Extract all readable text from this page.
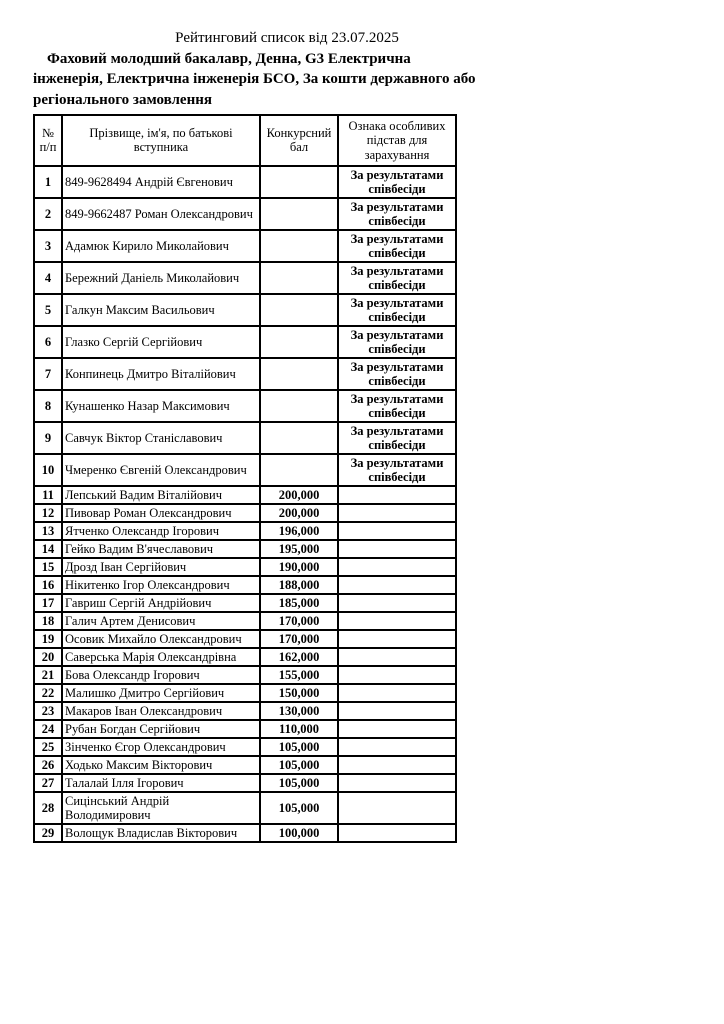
Рейтинговий список від 23.07.2025

Фаховий молодший бакалавр, Денна, G3 Електрична інженерія, Електрична інженерія БСО, За кошти державного або регіонального замовлення

№ п/п	Прізвище, ім'я, по батькові вступника	Конкурсний бал	Ознака особливих підстав для зарахування
1	849-9628494 Андрій Євгенович		За результатами співбесіди
2	849-9662487 Роман Олександрович		За результатами співбесіди
3	Адамюк Кирило Миколайович		За результатами співбесіди
4	Бережний Даніель Миколайович		За результатами співбесіди
5	Галкун Максим Васильович		За результатами співбесіди
6	Глазко Сергій Сергійович		За результатами співбесіди
7	Конпинець Дмитро Віталійович		За результатами співбесіди
8	Кунашенко Назар Максимович		За результатами співбесіди
9	Савчук Віктор Станіславович		За результатами співбесіди
10	Чмеренко Євгеній Олександрович		За результатами співбесіди
11	Лепський Вадим Віталійович	200,000	
12	Пивовар Роман Олександрович	200,000	
13	Ятченко Олександр Ігорович	196,000	
14	Гейко Вадим В'ячеславович	195,000	
15	Дрозд Іван Сергійович	190,000	
16	Нікитенко Ігор Олександрович	188,000	
17	Гавриш Сергій Андрійович	185,000	
18	Галич Артем Денисович	170,000	
19	Осовик Михайло Олександрович	170,000	
20	Саверська Марія Олександрівна	162,000	
21	Бова Олександр Ігорович	155,000	
22	Малишко Дмитро Сергійович	150,000	
23	Макаров Іван Олександрович	130,000	
24	Рубан Богдан Сергійович	110,000	
25	Зінченко Єгор Олександрович	105,000	
26	Ходько Максим Вікторович	105,000	
27	Талалай Ілля Ігорович	105,000	
28	Сицінський Андрій Володимирович	105,000	
29	Волощук Владислав Вікторович	100,000	
